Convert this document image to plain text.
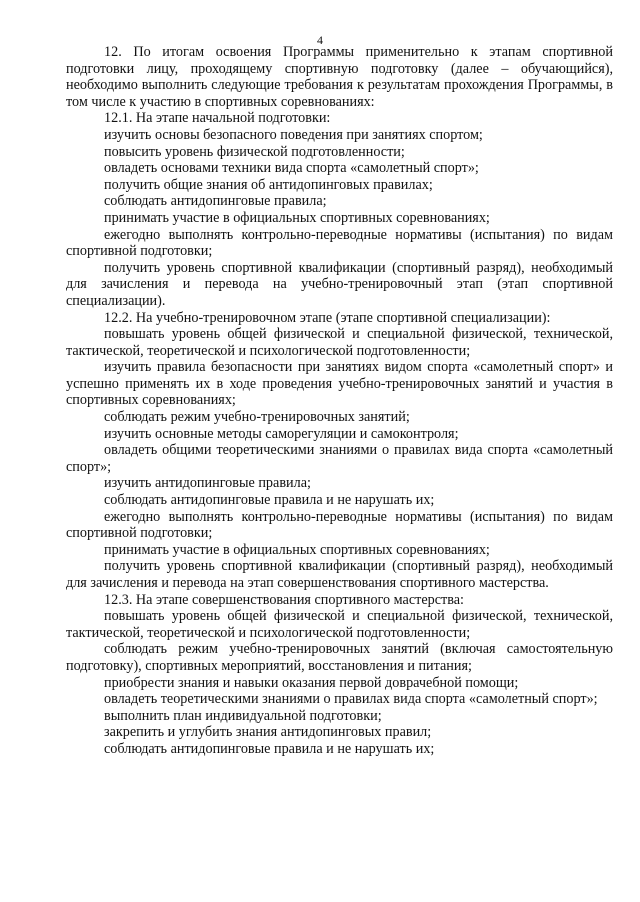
4

12. По итогам освоения Программы применительно к этапам спортивной подготовки лицу, проходящему спортивную подготовку (далее – обучающийся), необходимо выполнить следующие требования к результатам прохождения Программы, в том числе к участию в спортивных соревнованиях:

12.1. На этапе начальной подготовки:

изучить основы безопасного поведения при занятиях спортом;

повысить уровень физической подготовленности;

овладеть основами техники вида спорта «самолетный спорт»;

получить общие знания об антидопинговых правилах;

соблюдать антидопинговые правила;

принимать участие в официальных спортивных соревнованиях;

ежегодно выполнять контрольно-переводные нормативы (испытания) по видам спортивной подготовки;

получить уровень спортивной квалификации (спортивный разряд), необходимый для зачисления и перевода на учебно-тренировочный этап (этап спортивной специализации).

12.2. На учебно-тренировочном этапе (этапе спортивной специализации):

повышать уровень общей физической и специальной физической, технической, тактической, теоретической и психологической подготовленности;

изучить правила безопасности при занятиях видом спорта «самолетный спорт» и успешно применять их в ходе проведения учебно-тренировочных занятий и участия в спортивных соревнованиях;

соблюдать режим учебно-тренировочных занятий;

изучить основные методы саморегуляции и самоконтроля;

овладеть общими теоретическими знаниями о правилах вида спорта «самолетный спорт»;

изучить антидопинговые правила;

соблюдать антидопинговые правила и не нарушать их;

ежегодно выполнять контрольно-переводные нормативы (испытания) по видам спортивной подготовки;

принимать участие в официальных спортивных соревнованиях;

получить уровень спортивной квалификации (спортивный разряд), необходимый для зачисления и перевода на этап совершенствования спортивного мастерства.

12.3. На этапе совершенствования спортивного мастерства:

повышать уровень общей физической и специальной физической, технической, тактической, теоретической и психологической подготовленности;

соблюдать режим учебно-тренировочных занятий (включая самостоятельную подготовку), спортивных мероприятий, восстановления и питания;

приобрести знания и навыки оказания первой доврачебной помощи;

овладеть теоретическими знаниями о правилах вида спорта «самолетный спорт»;

выполнить план индивидуальной подготовки;

закрепить и углубить знания антидопинговых правил;

соблюдать антидопинговые правила и не нарушать их;
